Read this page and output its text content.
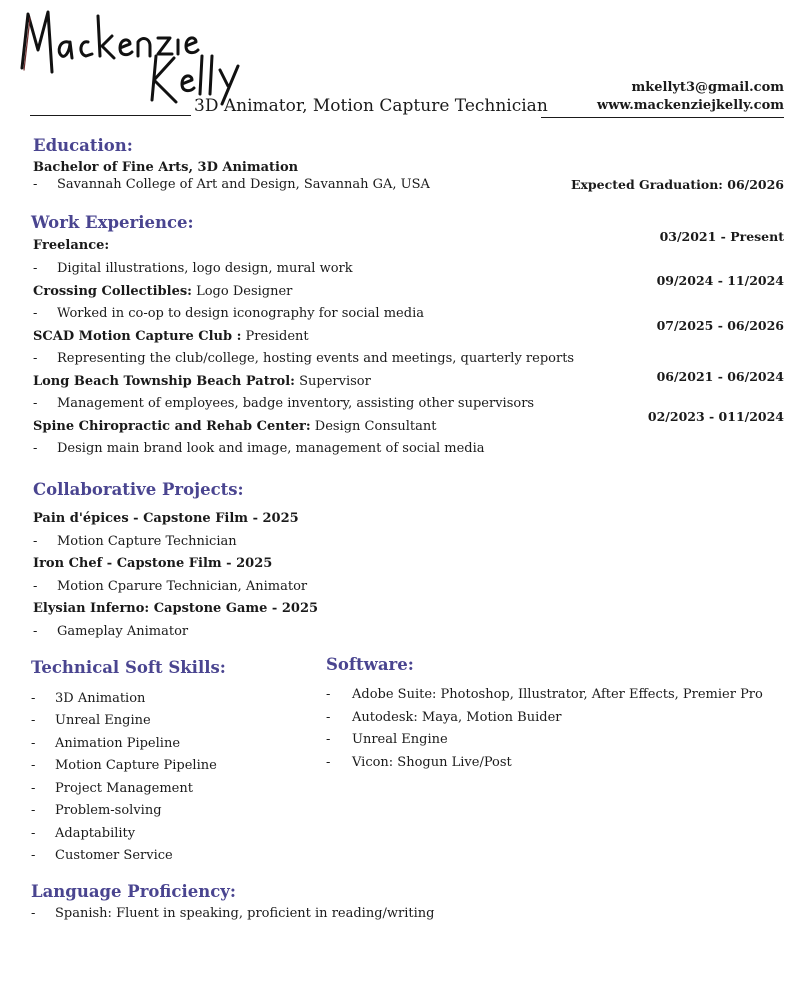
3D Animator, Motion Capture Technician
mkellyt3@gmail.com
www.mackenziejkelly.com
Education:
Bachelor of Fine Arts, 3D Animation
- Savannah College of Art and Design, Savannah GA, USA	Expected Graduation: 06/2026
Work Experience:
Freelance:
- Digital illustrations, logo design, mural work
03/2021 - Present
Crossing Collectibles: Logo Designer
- Worked in co-op to design iconography for social media
09/2024 - 11/2024
SCAD Motion Capture Club : President
- Representing the club/college, hosting events and meetings, quarterly reports
07/2025 - 06/2026
Long Beach Township Beach Patrol: Supervisor
- Management of employees, badge inventory, assisting other supervisors
06/2021 - 06/2024
Spine Chiropractic and Rehab Center: Design Consultant
- Design main brand look and image, management of social media
02/2023 - 011/2024
Collaborative Projects:
Pain d'épices - Capstone Film - 2025
- Motion Capture Technician
Iron Chef - Capstone Film - 2025
- Motion Cparure Technician, Animator
Elysian Inferno: Capstone Game - 2025
- Gameplay Animator
Technical Soft Skills:
- 3D Animation
- Unreal Engine
- Animation Pipeline
- Motion Capture Pipeline
- Project Management
- Problem-solving
- Adaptability
- Customer Service
Software:
- Adobe Suite: Photoshop, Illustrator, After Effects, Premier Pro
- Autodesk: Maya, Motion Buider
- Unreal Engine
- Vicon: Shogun Live/Post
Language Proficiency:
- Spanish: Fluent in speaking, proficient in reading/writing
